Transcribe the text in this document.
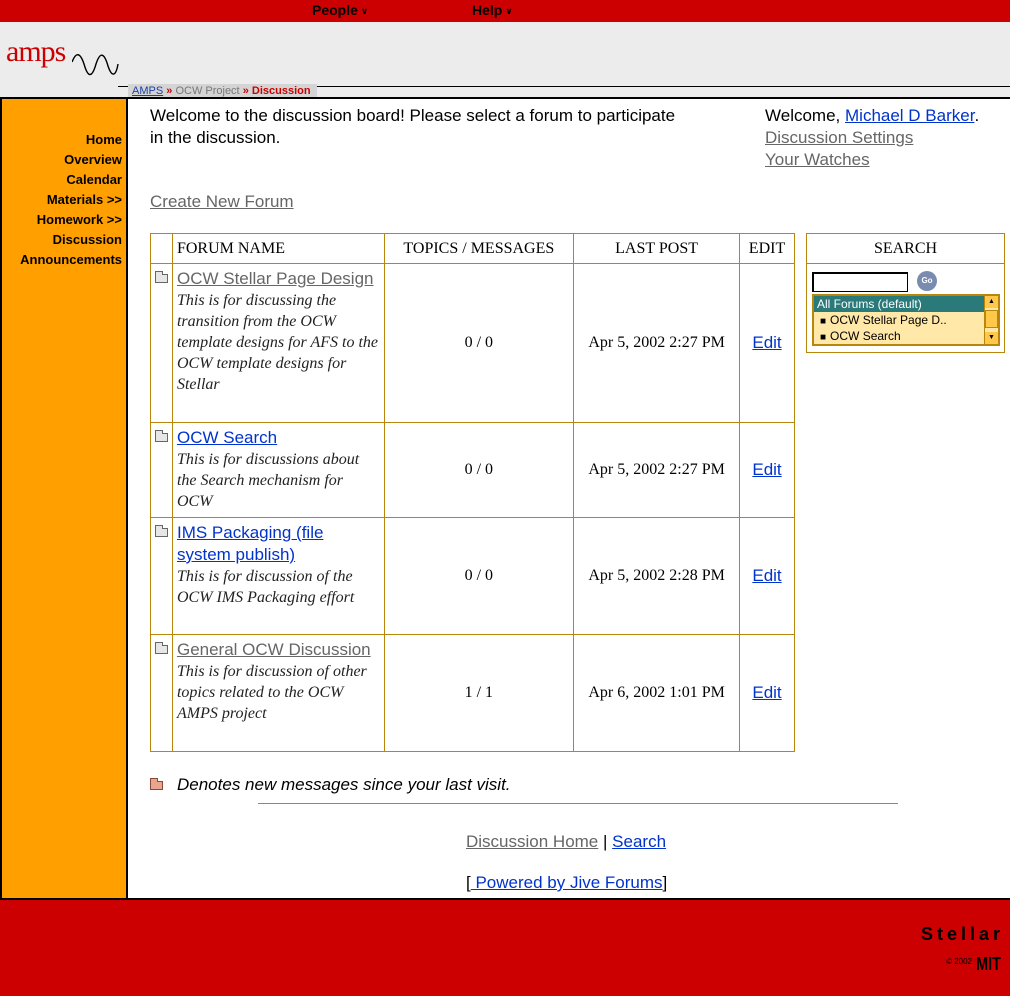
People ∨	Help ∨
amps
AMPS » OCW Project » Discussion
Home
Overview
Calendar
Materials >>
Homework >>
Discussion
Announcements
Welcome to the discussion board! Please select a forum to participate in the discussion.
Welcome, Michael D Barker.
Discussion Settings
Your Watches
Create New Forum
	FORUM NAME	TOPICS / MESSAGES	LAST POST	EDIT
	OCW Stellar Page Design
This is for discussing the transition from the OCW template designs for AFS to the OCW template designs for Stellar	0 / 0	Apr 5, 2002 2:27 PM	Edit
	OCW Search
This is for discussions about the Search mechanism for OCW	0 / 0	Apr 5, 2002 2:27 PM	Edit
	IMS Packaging (file system publish)
This is for discussion of the OCW IMS Packaging effort	0 / 0	Apr 5, 2002 2:28 PM	Edit
	General OCW Discussion
This is for discussion of other topics related to the OCW AMPS project	1 / 1	Apr 6, 2002 1:01 PM	Edit
SEARCH
Go
All Forums (default)
■ OCW Stellar Page D..
■ OCW Search
▲
▼
Denotes new messages since your last visit.
Discussion Home | Search
[ Powered by Jive Forums]
Stellar
© 2002 MIT
